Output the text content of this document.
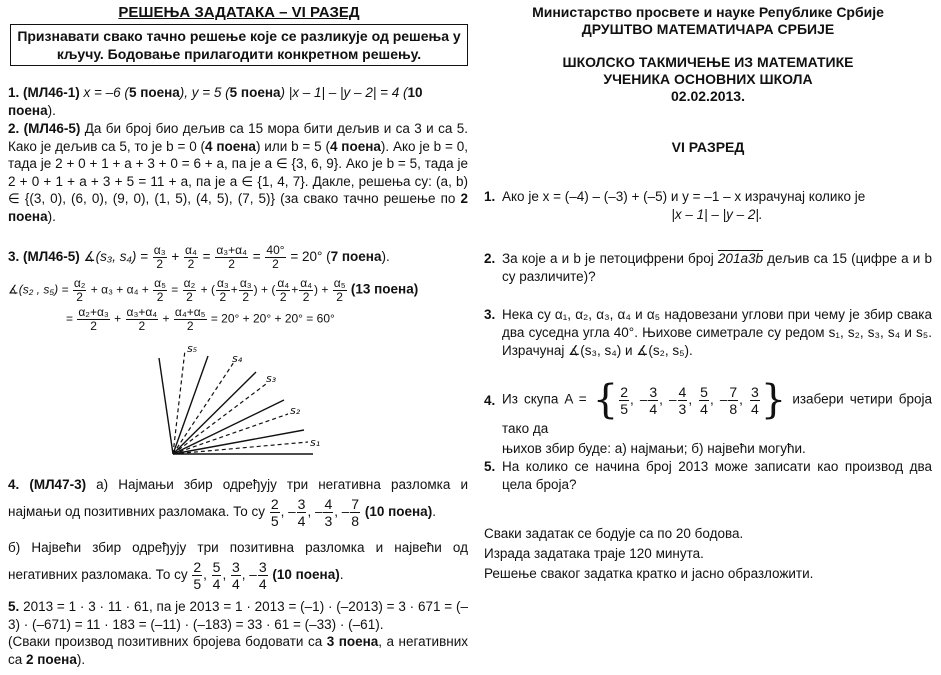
РЕШЕЊА ЗАДАТАКА – VI РАЗЕД
Признавати свако тачно решење које се разликује од решења у кључу. Бодовање прилагодити конкретном решењу.
1. (МЛ46-1) x = –6 (5 поена), y = 5 (5 поена) |x – 1| – |y – 2| = 4 (10 поена).
2. (МЛ46-5) Да би број био дељив са 15 мора бити дељив и са 3 и са 5. Како је дељив са 5, то је b = 0 (4 поена) или b = 5 (4 поена). Ако је b = 0, тада је 2 + 0 + 1 + a + 3 + 0 = 6 + a, па је a ∈ {3, 6, 9}. Ако је b = 5, тада је 2 + 0 + 1 + a + 3 + 5 = 11 + a, па је a ∈ {1, 4, 7}. Дакле, решења су: (a, b) ∈ {(3, 0), (6, 0), (9, 0), (1, 5), (4, 5), (7, 5)} (за свако тачно решење по 2 поена).
3. (МЛ46-5) ∡(s₃, $s_4) = \frac{\text{α₃}}{2} + \frac{\text{α₄}}{2} = \frac{\text{α₃+α₄}}{2} = \frac{40^\circ}{2} = 20^\circ$ (7 поена).
∡(s₂ , $s_5) = \frac{\text{α₂}}{2} + \alpha_3 + \alpha_4 + \frac{\text{α₅}}{2} = \frac{\text{α₂}}{2}$ + ( $\frac{\text{α₃}}{2} + \frac{\text{α₃}}{2}$ ) + ( $\frac{\text{α₄}}{2} + \frac{\text{α₄}}{2}$ ) + $\frac{\text{α₅}}{2} (13$ поена)
= $\frac{\text{α₂+α₃}}{2} + \frac{\text{α₃+α₄}}{2} + \frac{\text{α₄+α₅}}{2} = 20^\circ + 20^\circ + 20^\circ = 60^\circ$
s₅
s₄
s₃
s₂
s₁
4. (МЛ47-3) а) Најмањи збир одређују три негативна разломка и најмањи од позитивних разломака. То су $\frac{2}{5}$ , – $\frac{3}{4}$ , – $\frac{4}{3}$ , – $\frac{7}{8} (10$ поена).
б) Највећи збир одређују три позитивна разломка и највећи од негативних разломака. То су $\frac{2}{5}$ , $\frac{5}{4}$ , $\frac{3}{4}$ , – $\frac{3}{4} (10$ поена).
5. 2013 = 1 · 3 · 11 · 61, па је 2013 = 1 · 2013 = (–1) · (–2013) = 3 · 671 = (–3) · (–671) = 11 · 183 = (–11) · (–183) = 33 · 61 = (–33) · (–61).
(Сваки производ позитивних бројева бодовати са 3 поена, а негативних са 2 поена).
Министарство просвете и науке Републике Србије
ДРУШТВО МАТЕМАТИЧАРА СРБИЈЕ
ШКОЛСКО ТАКМИЧЕЊЕ ИЗ МАТЕМАТИКЕ
УЧЕНИКА ОСНОВНИХ ШКОЛА
02.02.2013.
VI РАЗРЕД
1. Ако је x = (–4) – (–3) + (–5) и y = –1 – x израчунај колико је
|x – 1| – |y – 2|.
2. За које a и b је петоцифрени број 201a3b дељив са 15 (цифре a и b су различите)?
3. Нека су α₁, α₂, α₃, α₄ и α₅ надовезани углови при чему је збир свака два суседна угла 40°. Њихове симетрале су редом s₁, s₂, s₃, s₄ и s₅. Израчунај ∡(s₃, s₄) и ∡(s₂, s₅).
4. Из скупа A = { $\frac{2}{5}$ , – $\frac{3}{4}$ , – $\frac{4}{3}$ , $\frac{5}{4}$ , – $\frac{7}{8}$ , $\frac{3}{4}$ } изабери четири броја тако да
њихов збир буде: а) најмањи; б) највећи могући.
5. На колико се начина број 2013 може записати као производ два цела броја?
Сваки задатак се бодује са по 20 бодова.
Израда задатака траје 120 минута.
Решење сваког задатка кратко и јасно образложити.
